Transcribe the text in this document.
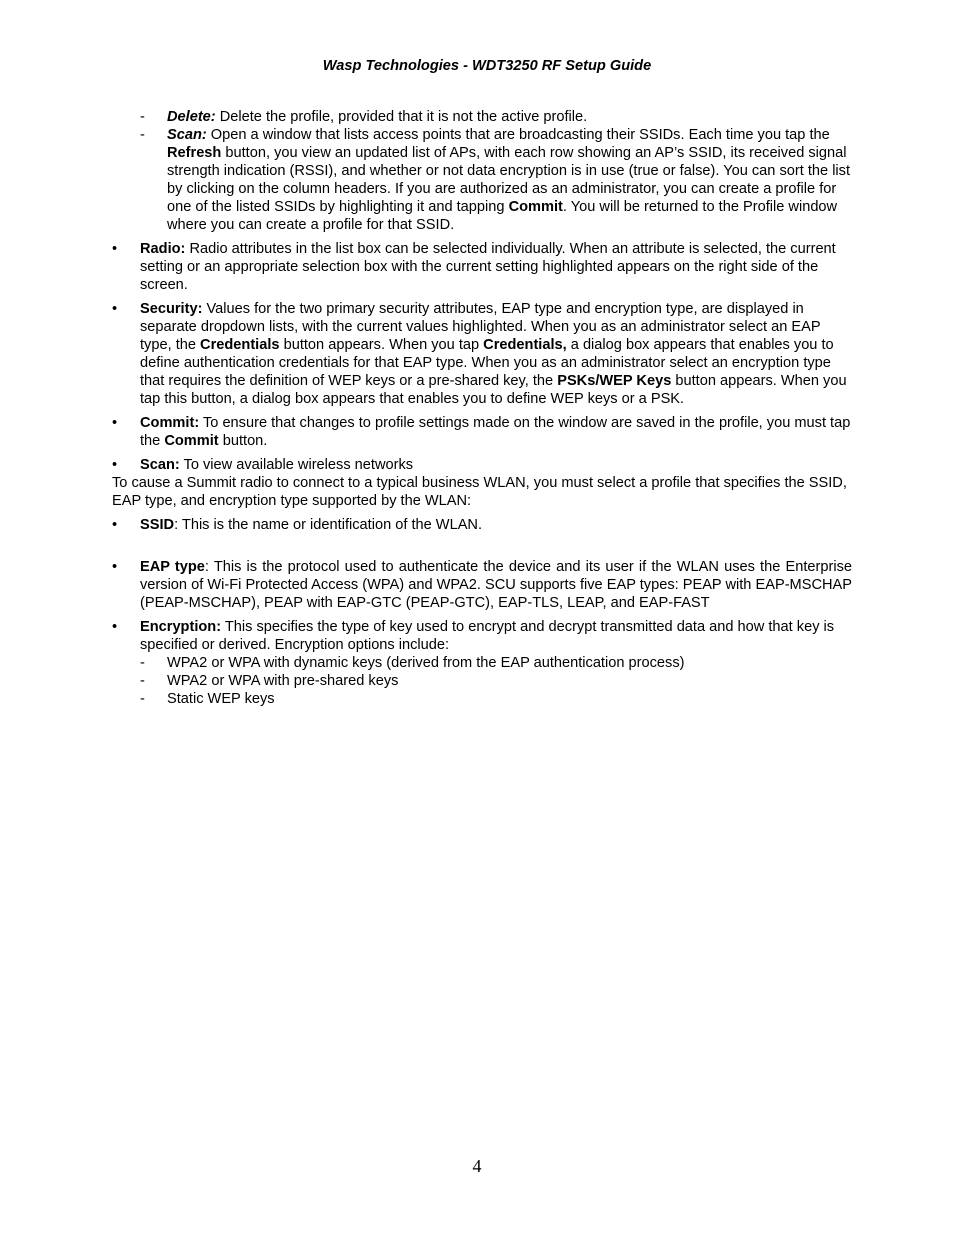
Wasp Technologies - WDT3250 RF Setup Guide
- Delete: Delete the profile, provided that it is not the active profile.
- Scan: Open a window that lists access points that are broadcasting their SSIDs. Each time you tap the Refresh button, you view an updated list of APs, with each row showing an AP’s SSID, its received signal strength indication (RSSI), and whether or not data encryption is in use (true or false). You can sort the list by clicking on the column headers. If you are authorized as an administrator, you can create a profile for one of the listed SSIDs by highlighting it and tapping Commit. You will be returned to the Profile window where you can create a profile for that SSID.
• Radio: Radio attributes in the list box can be selected individually. When an attribute is selected, the current setting or an appropriate selection box with the current setting highlighted appears on the right side of the screen.
• Security: Values for the two primary security attributes, EAP type and encryption type, are displayed in separate dropdown lists, with the current values highlighted. When you as an administrator select an EAP type, the Credentials button appears. When you tap Credentials, a dialog box appears that enables you to define authentication credentials for that EAP type. When you as an administrator select an encryption type that requires the definition of WEP keys or a pre-shared key, the PSKs/WEP Keys button appears. When you tap this button, a dialog box appears that enables you to define WEP keys or a PSK.
• Commit: To ensure that changes to profile settings made on the window are saved in the profile, you must tap the Commit button.
• Scan: To view available wireless networks

To cause a Summit radio to connect to a typical business WLAN, you must select a profile that specifies the SSID, EAP type, and encryption type supported by the WLAN:

• SSID: This is the name or identification of the WLAN.
• EAP type: This is the protocol used to authenticate the device and its user if the WLAN uses the Enterprise version of Wi-Fi Protected Access (WPA) and WPA2. SCU supports five EAP types: PEAP with EAP-MSCHAP (PEAP-MSCHAP), PEAP with EAP-GTC (PEAP-GTC), EAP-TLS, LEAP, and EAP-FAST
• Encryption: This specifies the type of key used to encrypt and decrypt transmitted data and how that key is specified or derived. Encryption options include:
- WPA2 or WPA with dynamic keys (derived from the EAP authentication process)
- WPA2 or WPA with pre-shared keys
- Static WEP keys
4
